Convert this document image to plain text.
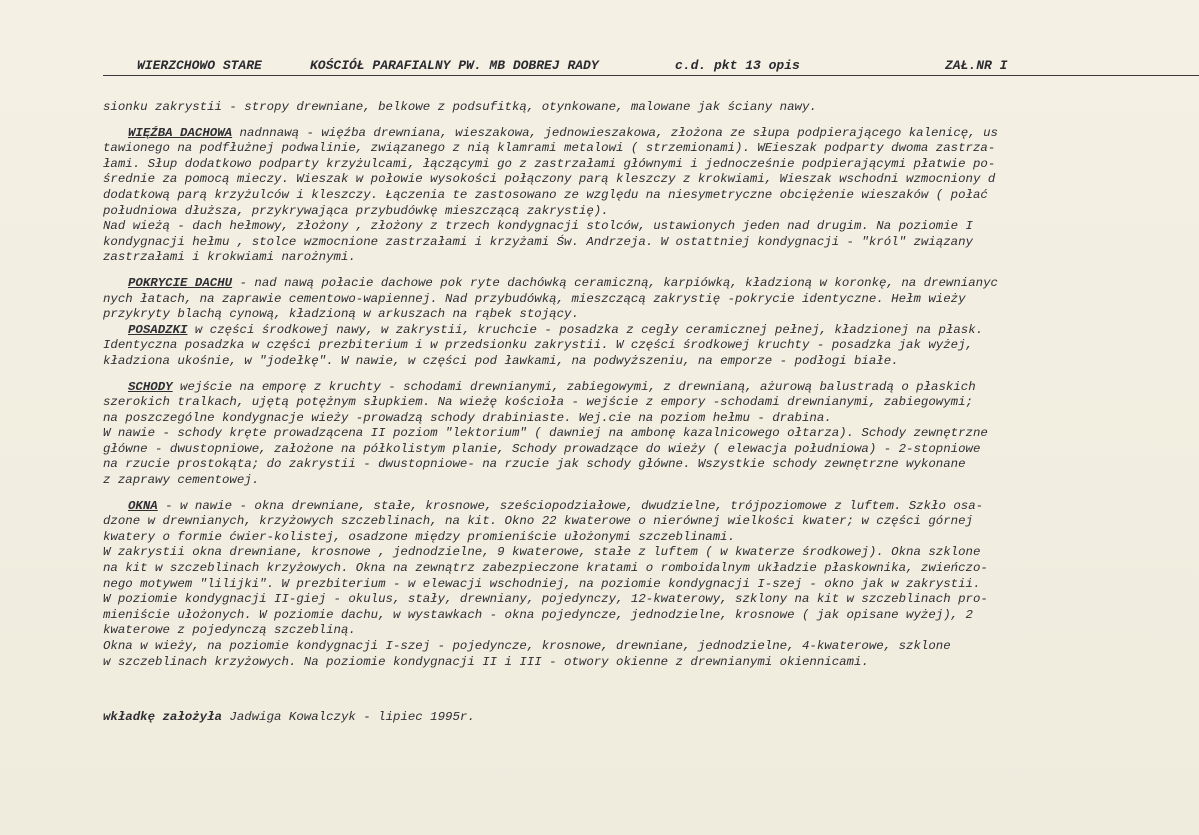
WIERZCHOWO STARE	KOŚCIÓŁ PARAFIALNY PW. MB DOBREJ RADY	c.d. pkt 13 opis	ZAŁ.NR I

sionku zakrystii - stropy drewniane, belkowe z podsufitką, otynkowane, malowane jak ściany nawy.

WIĘŹBA DACHOWA nadnnawą - więźba drewniana, wieszakowa, jednowieszakowa, złożona ze słupa podpierającego kalenicę, us
tawionego na podfłużnej podwalinie, związanego z nią klamrami metalowi ( strzemionami). WEieszak podparty dwoma zastrza-
łami. Słup dodatkowo podparty krzyżulcami, łączącymi go z zastrzałami głównymi i jednocześnie podpierającymi płatwie po-
średnie za pomocą mieczy. Wieszak w połowie wysokości połączony parą kleszczy z krokwiami, Wieszak wschodni wzmocniony d
dodatkową parą krzyżulców i kleszczy. Łączenia te zastosowano ze względu na niesymetryczne obciężenie wieszaków ( połać
południowa dłuższa, przykrywająca przybudówkę mieszczącą zakrystię).
Nad wieżą - dach hełmowy, złożony , złożony z trzech kondygnacji stolców, ustawionych jeden nad drugim. Na poziomie I
kondygnacji hełmu , stolce wzmocnione zastrzałami i krzyżami Św. Andrzeja. W ostattniej kondygnacji - "król" związany
zastrzałami i krokwiami narożnymi.

POKRYCIE DACHU - nad nawą połacie dachowe pok ryte dachówką ceramiczną, karpiówką, kładzioną w koronkę, na drewnianyc
nych łatach, na zaprawie cementowo-wapiennej. Nad przybudówką, mieszczącą zakrystię -pokrycie identyczne. Hełm wieży
przykryty blachą cynową, kładzioną w arkuszach na rąbek stojący.

POSADZKI w części środkowej nawy, w zakrystii, kruchcie - posadzka z cegły ceramicznej pełnej, kładzionej na płask.
Identyczna posadzka w części prezbiterium i w przedsionku zakrystii. W części środkowej kruchty - posadzka jak wyżej,
kładziona ukośnie, w "jodełkę". W nawie, w części pod ławkami, na podwyższeniu, na emporze - podłogi białe.

SCHODY wejście na emporę z kruchty - schodami drewnianymi, zabiegowymi, z drewnianą, ażurową balustradą o płaskich
szerokich tralkach, ujętą potężnym słupkiem. Na wieżę kościoła - wejście z empory -schodami drewnianymi, zabiegowymi;
na poszczególne kondygnacje wieży -prowadzą schody drabiniaste. Wej.cie na poziom hełmu - drabina.
W nawie - schody kręte prowadzącena II poziom "lektorium" ( dawniej na ambonę kazalnicowego ołtarza). Schody zewnętrzne
główne - dwustopniowe, założone na półkolistym planie, Schody prowadzące do wieży ( elewacja południowa) - 2-stopniowe
na rzucie prostokąta; do zakrystii - dwustopniowe- na rzucie jak schody główne. Wszystkie schody zewnętrzne wykonane
z zaprawy cementowej.

OKNA - w nawie - okna drewniane, stałe, krosnowe, sześciopodziałowe, dwudzielne, trójpoziomowe z luftem. Szkło osa-
dzone w drewnianych, krzyżowych szczeblinach, na kit. Okno 22 kwaterowe o nierównej wielkości kwater; w części górnej
kwatery o formie ćwier-kolistej, osadzone między promieniście ułożonymi szczeblinami.
W zakrystii okna drewniane, krosnowe , jednodzielne, 9 kwaterowe, stałe z luftem ( w kwaterze środkowej). Okna szklone
na kit w szczeblinach krzyżowych. Okna na zewnątrz zabezpieczone kratami o romboidalnym układzie płaskownika, zwieńczo-
nego motywem "lilijki". W prezbiterium - w elewacji wschodniej, na poziomie kondygnacji I-szej - okno jak w zakrystii.
W poziomie kondygnacji II-giej - okulus, stały, drewniany, pojedynczy, 12-kwaterowy, szklony na kit w szczeblinach pro-
mieniście ułożonych. W poziomie dachu, w wystawkach - okna pojedyncze, jednodzielne, krosnowe ( jak opisane wyżej), 2
kwaterowe z pojedynczą szczebliną.
Okna w wieży, na poziomie kondygnacji I-szej - pojedyncze, krosnowe, drewniane, jednodzielne, 4-kwaterowe, szklone
w szczeblinach krzyżowych. Na poziomie kondygnacji II i III - otwory okienne z drewnianymi okiennicami.

wkładkę założyła Jadwiga Kowalczyk - lipiec 1995r.
